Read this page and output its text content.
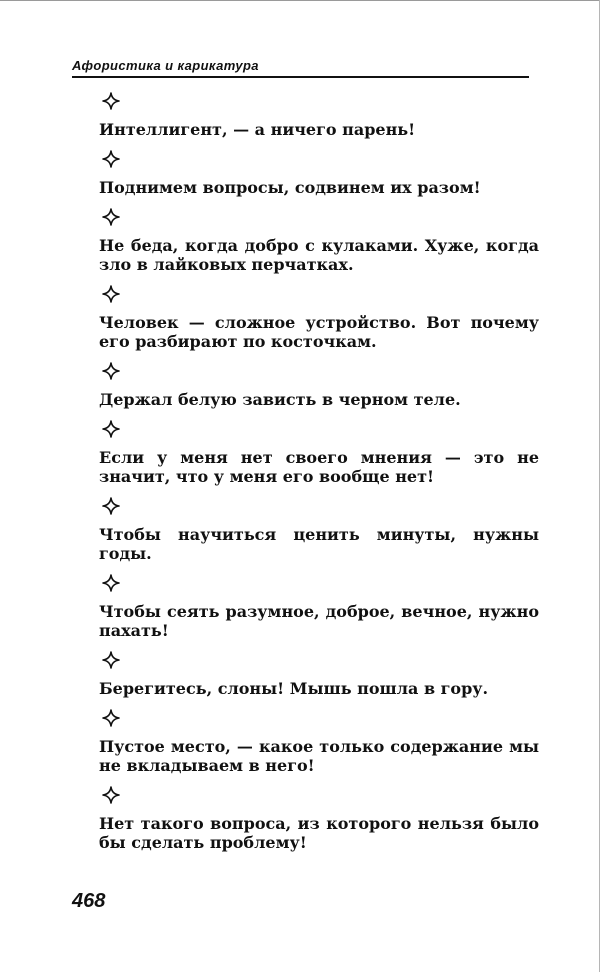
Афористика и карикатура

Интеллигент, — а ничего парень!

Поднимем вопросы, содвинем их разом!

Не беда, когда добро с кулаками. Хуже, когда зло в лайковых перчатках.

Человек — сложное устройство. Вот почему его разбирают по косточкам.

Держал белую зависть в черном теле.

Если у меня нет своего мнения — это не значит, что у меня его вообще нет!

Чтобы научиться ценить минуты, нужны годы.

Чтобы сеять разумное, доброе, вечное, нужно пахать!

Берегитесь, слоны! Мышь пошла в гору.

Пустое место, — какое только содержание мы не вкладываем в него!

Нет такого вопроса, из которого нельзя было бы сделать проблему!

468
